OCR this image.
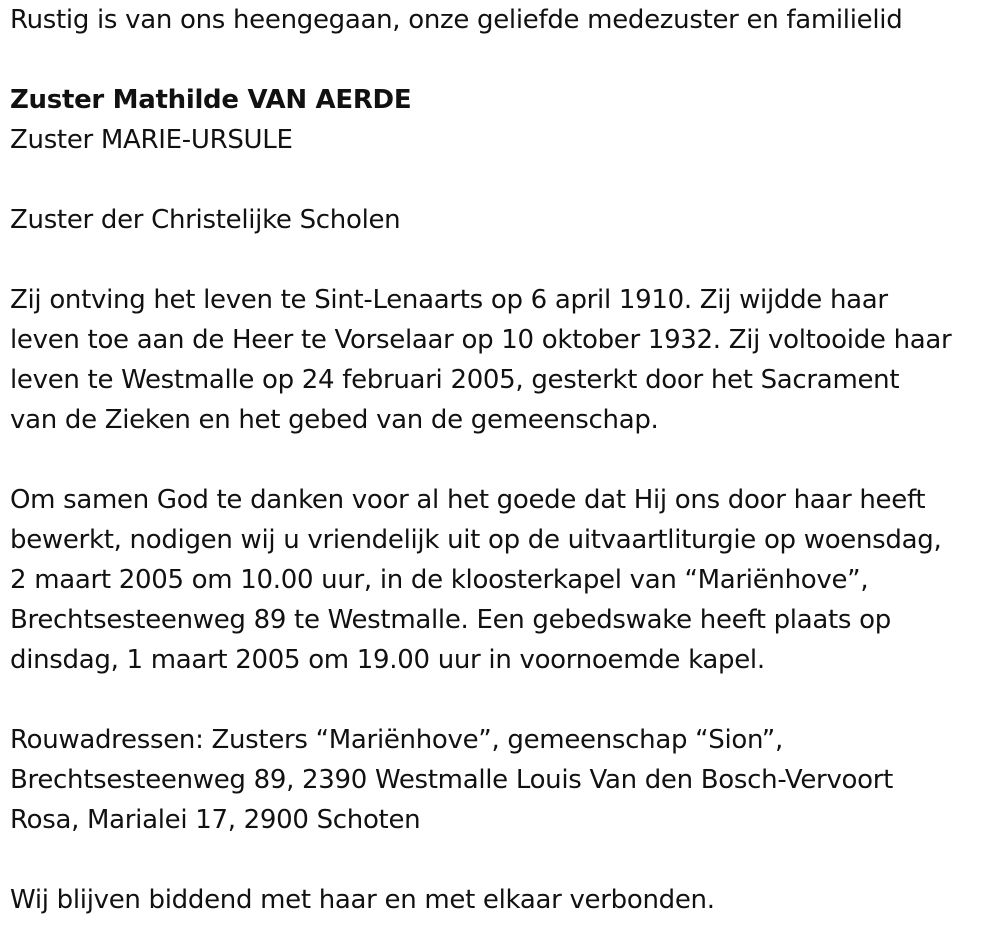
Rustig is van ons heengegaan, onze geliefde medezuster en familielid
Zuster Mathilde VAN AERDE
Zuster MARIE-URSULE
Zuster der Christelijke Scholen
Zij ontving het leven te Sint-Lenaarts op 6 april 1910. Zij wijdde haar
leven toe aan de Heer te Vorselaar op 10 oktober 1932. Zij voltooide haar
leven te Westmalle op 24 februari 2005, gesterkt door het Sacrament
van de Zieken en het gebed van de gemeenschap.
Om samen God te danken voor al het goede dat Hij ons door haar heeft
bewerkt, nodigen wij u vriendelijk uit op de uitvaartliturgie op woensdag,
2 maart 2005 om 10.00 uur, in de kloosterkapel van “Mariënhove”,
Brechtsesteenweg 89 te Westmalle. Een gebedswake heeft plaats op
dinsdag, 1 maart 2005 om 19.00 uur in voornoemde kapel.
Rouwadressen: Zusters “Mariënhove”, gemeenschap “Sion”,
Brechtsesteenweg 89, 2390 Westmalle Louis Van den Bosch-Vervoort
Rosa, Marialei 17, 2900 Schoten
Wij blijven biddend met haar en met elkaar verbonden.
